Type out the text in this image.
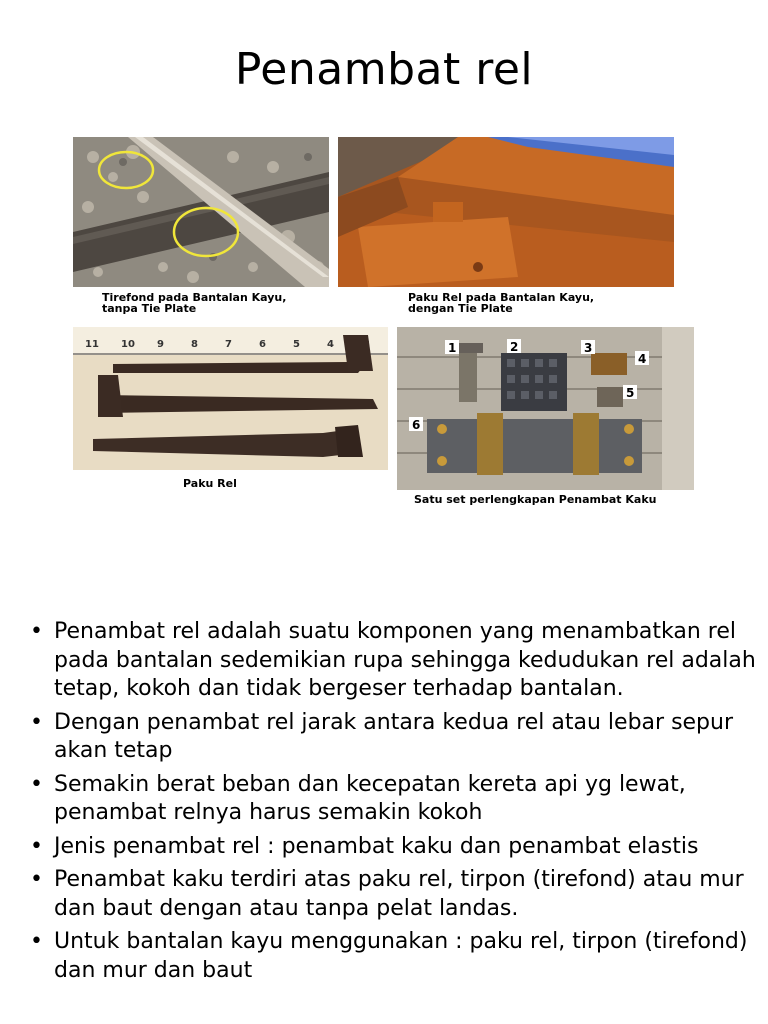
Penambat rel
Tirefond pada Bantalan Kayu,
tanpa Tie Plate
Paku Rel pada Bantalan Kayu,
dengan Tie Plate
11 10 9	8	7	6	5	4
Paku Rel
1	2	3
4
5
6
Satu set perlengkapan Penambat Kaku
• Penambat rel adalah suatu komponen yang menambatkan rel pada bantalan sedemikian rupa sehingga kedudukan rel adalah tetap, kokoh dan tidak bergeser terhadap bantalan.
• Dengan penambat rel jarak antara kedua rel atau lebar sepur akan tetap
• Semakin berat beban dan kecepatan kereta api yg lewat, penambat relnya harus semakin kokoh
• Jenis penambat rel : penambat kaku dan penambat elastis
• Penambat kaku terdiri atas paku rel, tirpon (tirefond) atau mur dan baut dengan atau tanpa pelat landas.
• Untuk bantalan kayu menggunakan : paku rel, tirpon (tirefond) dan mur dan baut
